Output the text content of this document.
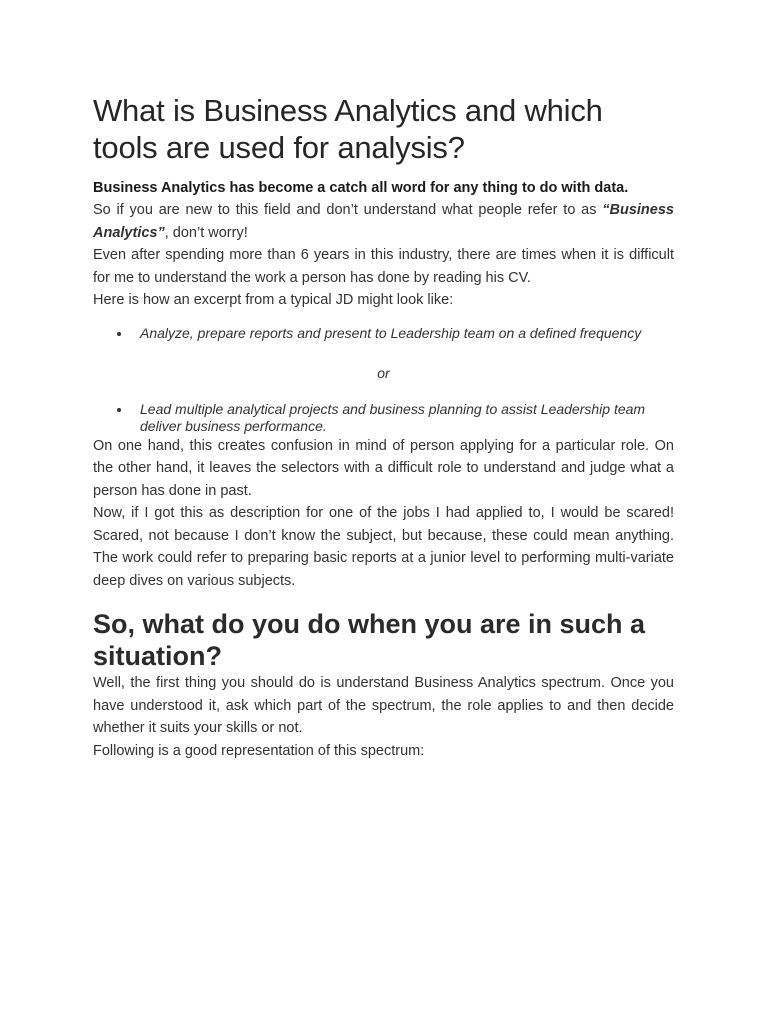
What is Business Analytics and which tools are used for analysis?

Business Analytics has become a catch all word for any thing to do with data.

So if you are new to this field and don’t understand what people refer to as “Business Analytics”, don’t worry!

Even after spending more than 6 years in this industry, there are times when it is difficult for me to understand the work a person has done by reading his CV.

Here is how an excerpt from a typical JD might look like:

Analyze, prepare reports and present to Leadership team on a defined frequency
or
Lead multiple analytical projects and business planning to assist Leadership team deliver business performance.

On one hand, this creates confusion in mind of person applying for a particular role. On the other hand, it leaves the selectors with a difficult role to understand and judge what a person has done in past.

Now, if I got this as description for one of the jobs I had applied to, I would be scared! Scared, not because I don’t know the subject, but because, these could mean anything. The work could refer to preparing basic reports at a junior level to performing multi-variate deep dives on various subjects.

So, what do you do when you are in such a situation?

Well, the first thing you should do is understand Business Analytics spectrum. Once you have understood it, ask which part of the spectrum, the role applies to and then decide whether it suits your skills or not.

Following is a good representation of this spectrum:
